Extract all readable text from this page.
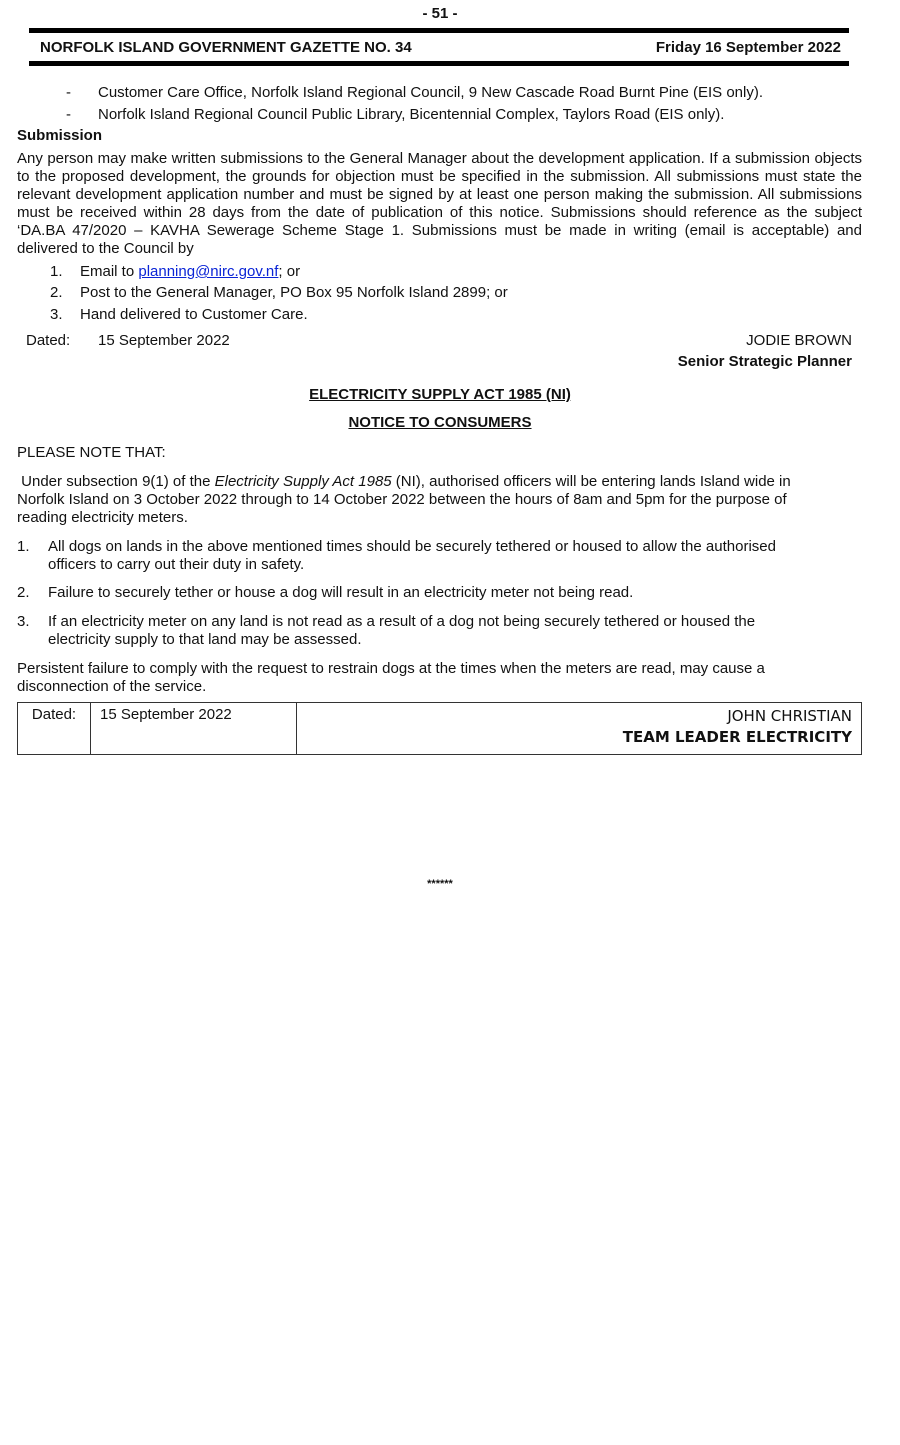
- 51 -
NORFOLK ISLAND GOVERNMENT GAZETTE NO. 34	Friday 16 September 2022
- Customer Care Office, Norfolk Island Regional Council, 9 New Cascade Road Burnt Pine (EIS only).
- Norfolk Island Regional Council Public Library, Bicentennial Complex, Taylors Road (EIS only).
Submission
Any person may make written submissions to the General Manager about the development application. If a submission objects to the proposed development, the grounds for objection must be specified in the submission. All submissions must state the relevant development application number and must be signed by at least one person making the submission. All submissions must be received within 28 days from the date of publication of this notice. Submissions should reference as the subject ‘DA.BA 47/2020 – KAVHA Sewerage Scheme Stage 1. Submissions must be made in writing (email is acceptable) and delivered to the Council by
1. Email to planning@nirc.gov.nf; or
2. Post to the General Manager, PO Box 95 Norfolk Island 2899; or
3. Hand delivered to Customer Care.
Dated: 15 September 2022	JODIE BROWN
Senior Strategic Planner
ELECTRICITY SUPPLY ACT 1985 (NI)
NOTICE TO CONSUMERS
PLEASE NOTE THAT:
Under subsection 9(1) of the Electricity Supply Act 1985 (NI), authorised officers will be entering lands Island wide in
Norfolk Island on 3 October 2022 through to 14 October 2022 between the hours of 8am and 5pm for the purpose of
reading electricity meters.
1. All dogs on lands in the above mentioned times should be securely tethered or housed to allow the authorised
officers to carry out their duty in safety.
2. Failure to securely tether or house a dog will result in an electricity meter not being read.
3. If an electricity meter on any land is not read as a result of a dog not being securely tethered or housed the
electricity supply to that land may be assessed.
Persistent failure to comply with the request to restrain dogs at the times when the meters are read, may cause a
disconnection of the service.
Dated:	15 September 2022	JOHN CHRISTIAN
TEAM LEADER ELECTRICITY
******
